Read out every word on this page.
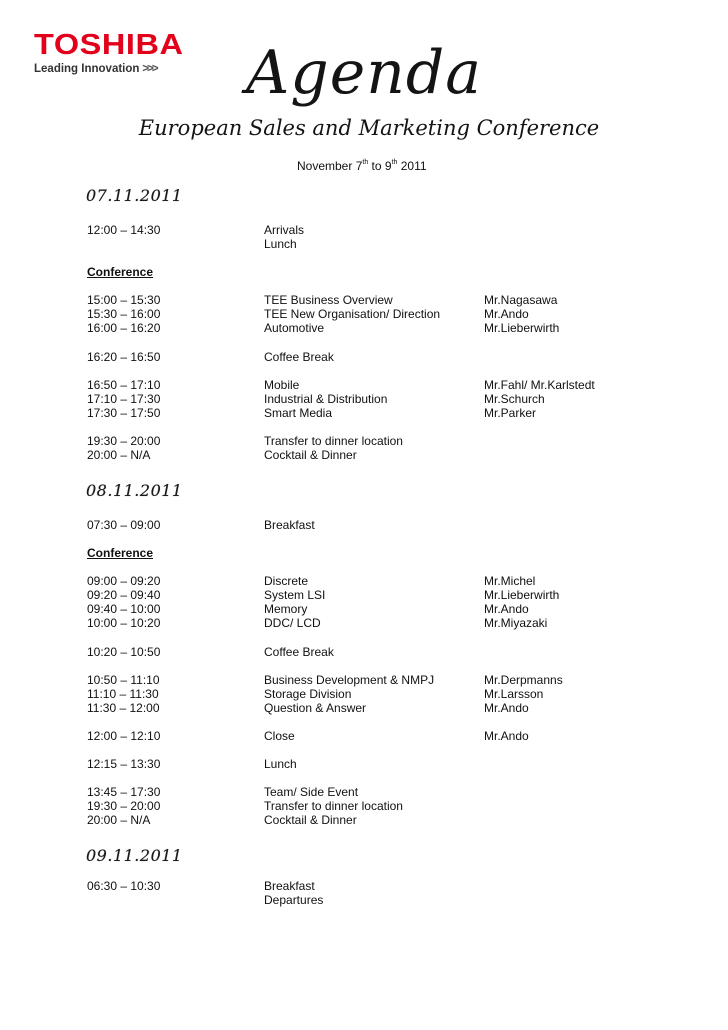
TOSHIBA
Leading Innovation >>>	Agenda
European Sales and Marketing Conference
November 7th to 9th 2011
07.11.2011
12:00 – 14:30	Arrivals
Lunch
Conference
15:00 – 15:30	TEE Business Overview	Mr.Nagasawa
15:30 – 16:00	TEE New Organisation/ Direction	Mr.Ando
16:00 – 16:20	Automotive	Mr.Lieberwirth
16:20 – 16:50	Coffee Break
16:50 – 17:10	Mobile	Mr.Fahl/ Mr.Karlstedt
17:10 – 17:30	Industrial & Distribution	Mr.Schurch
17:30 – 17:50	Smart Media	Mr.Parker
19:30 – 20:00	Transfer to dinner location
20:00 – N/A	Cocktail & Dinner
08.11.2011
07:30 – 09:00	Breakfast
Conference
09:00 – 09:20	Discrete	Mr.Michel
09:20 – 09:40	System LSI	Mr.Lieberwirth
09:40 – 10:00	Memory	Mr.Ando
10:00 – 10:20	DDC/ LCD	Mr.Miyazaki
10:20 – 10:50	Coffee Break
10:50 – 11:10	Business Development & NMPJ	Mr.Derpmanns
11:10 – 11:30	Storage Division	Mr.Larsson
11:30 – 12:00	Question & Answer	Mr.Ando
12:00 – 12:10	Close	Mr.Ando
12:15 – 13:30	Lunch
13:45 – 17:30	Team/ Side Event
19:30 – 20:00	Transfer to dinner location
20:00 – N/A	Cocktail & Dinner
09.11.2011
06:30 – 10:30	Breakfast
Departures
